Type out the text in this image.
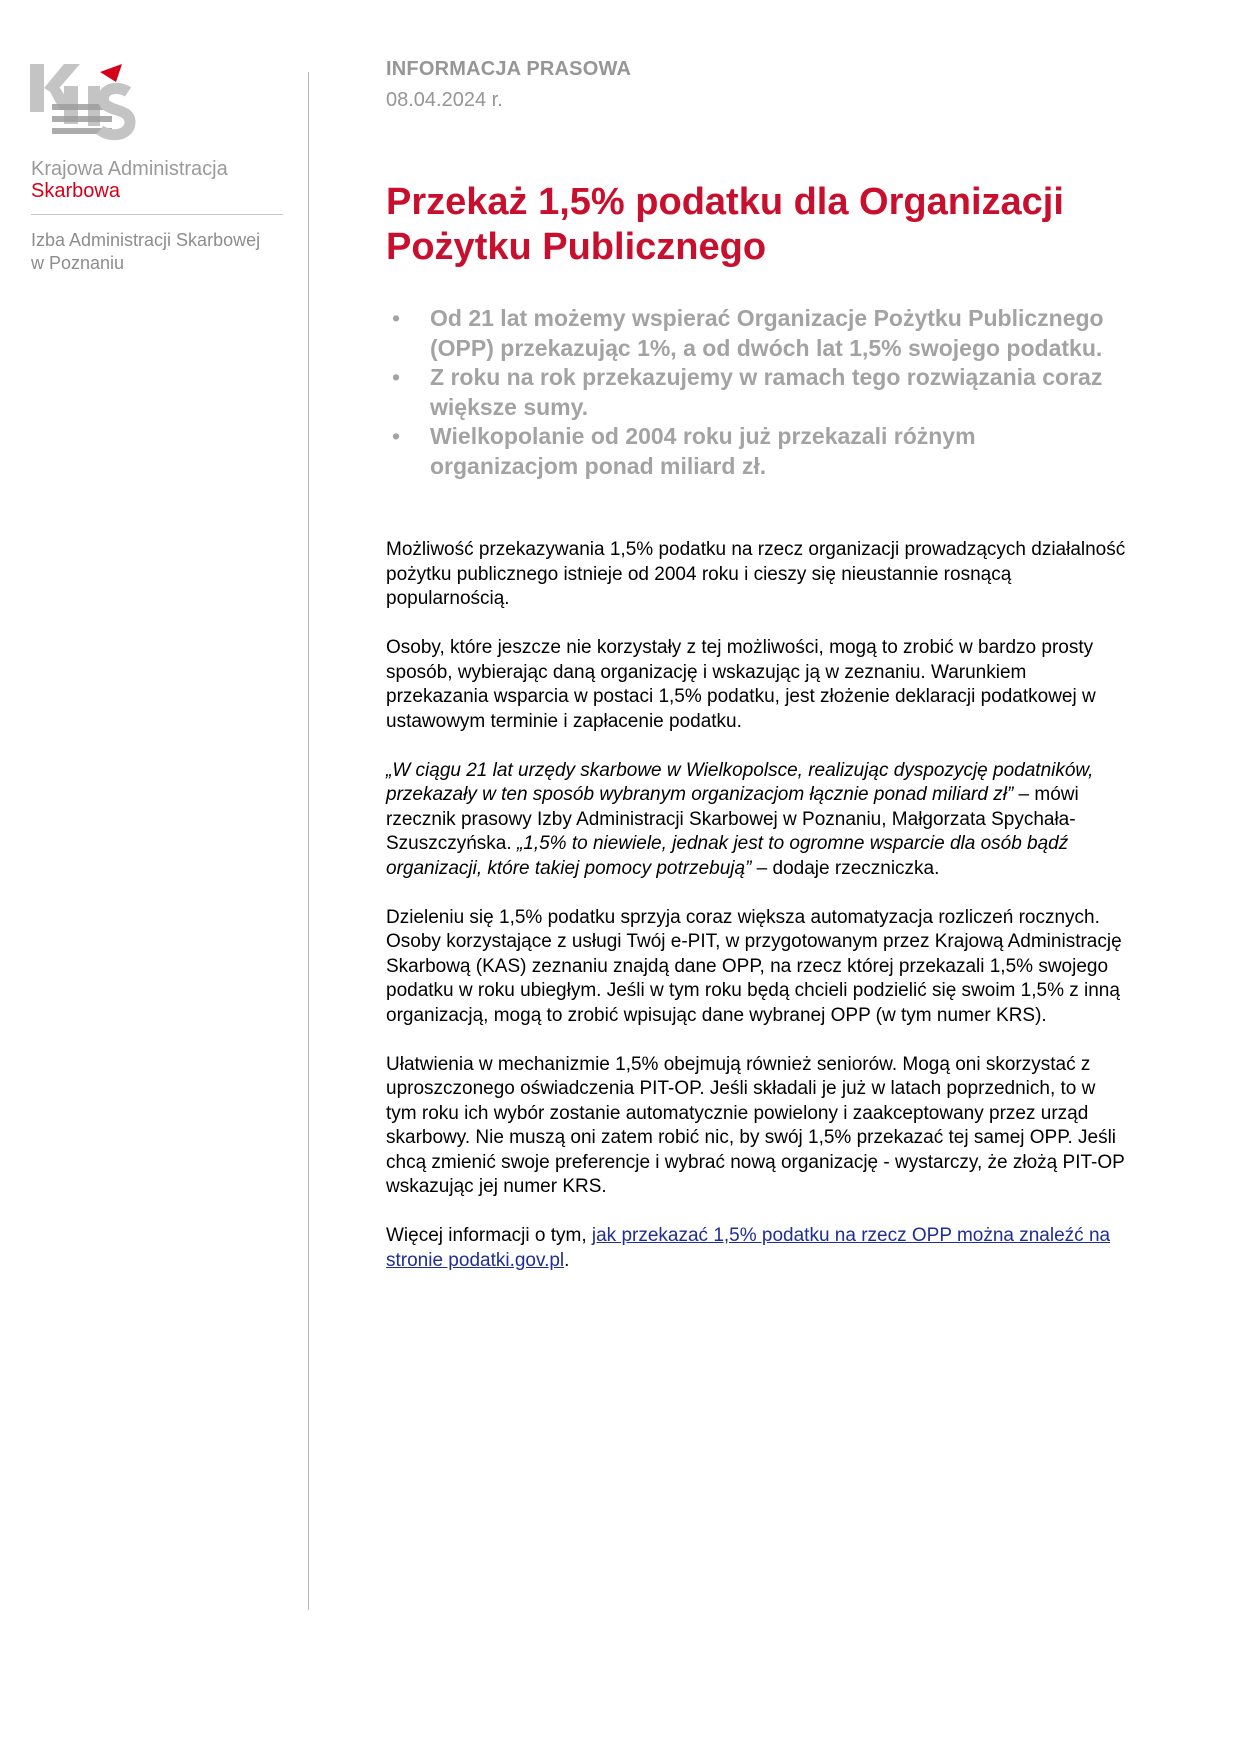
Krajowa Administracja
Skarbowa
Izba Administracji Skarbowej
w Poznaniu
INFORMACJA PRASOWA
08.04.2024 r.
Przekaż 1,5% podatku dla Organizacji
Pożytku Publicznego
• Od 21 lat możemy wspierać Organizacje Pożytku Publicznego (OPP) przekazując 1%, a od dwóch lat 1,5% swojego podatku.
• Z roku na rok przekazujemy w ramach tego rozwiązania coraz większe sumy.
• Wielkopolanie od 2004 roku już przekazali różnym organizacjom ponad miliard zł.

Możliwość przekazywania 1,5% podatku na rzecz organizacji prowadzących działalność pożytku publicznego istnieje od 2004 roku i cieszy się nieustannie rosnącą popularnością.

Osoby, które jeszcze nie korzystały z tej możliwości, mogą to zrobić w bardzo prosty sposób, wybierając daną organizację i wskazując ją w zeznaniu. Warunkiem przekazania wsparcia w postaci 1,5% podatku, jest złożenie deklaracji podatkowej w ustawowym terminie i zapłacenie podatku.

„W ciągu 21 lat urzędy skarbowe w Wielkopolsce, realizując dyspozycję podatników, przekazały w ten sposób wybranym organizacjom łącznie ponad miliard zł” – mówi rzecznik prasowy Izby Administracji Skarbowej w Poznaniu, Małgorzata Spychała-Szuszczyńska. „1,5% to niewiele, jednak jest to ogromne wsparcie dla osób bądź organizacji, które takiej pomocy potrzebują” – dodaje rzeczniczka.

Dzieleniu się 1,5% podatku sprzyja coraz większa automatyzacja rozliczeń rocznych. Osoby korzystające z usługi Twój e-PIT, w przygotowanym przez Krajową Administrację Skarbową (KAS) zeznaniu znajdą dane OPP, na rzecz której przekazali 1,5% swojego podatku w roku ubiegłym. Jeśli w tym roku będą chcieli podzielić się swoim 1,5% z inną organizacją, mogą to zrobić wpisując dane wybranej OPP (w tym numer KRS).

Ułatwienia w mechanizmie 1,5% obejmują również seniorów. Mogą oni skorzystać z uproszczonego oświadczenia PIT-OP. Jeśli składali je już w latach poprzednich, to w tym roku ich wybór zostanie automatycznie powielony i zaakceptowany przez urząd skarbowy. Nie muszą oni zatem robić nic, by swój 1,5% przekazać tej samej OPP. Jeśli chcą zmienić swoje preferencje i wybrać nową organizację - wystarczy, że złożą PIT-OP wskazując jej numer KRS.

Więcej informacji o tym, jak przekazać 1,5% podatku na rzecz OPP można znaleźć na stronie podatki.gov.pl.
